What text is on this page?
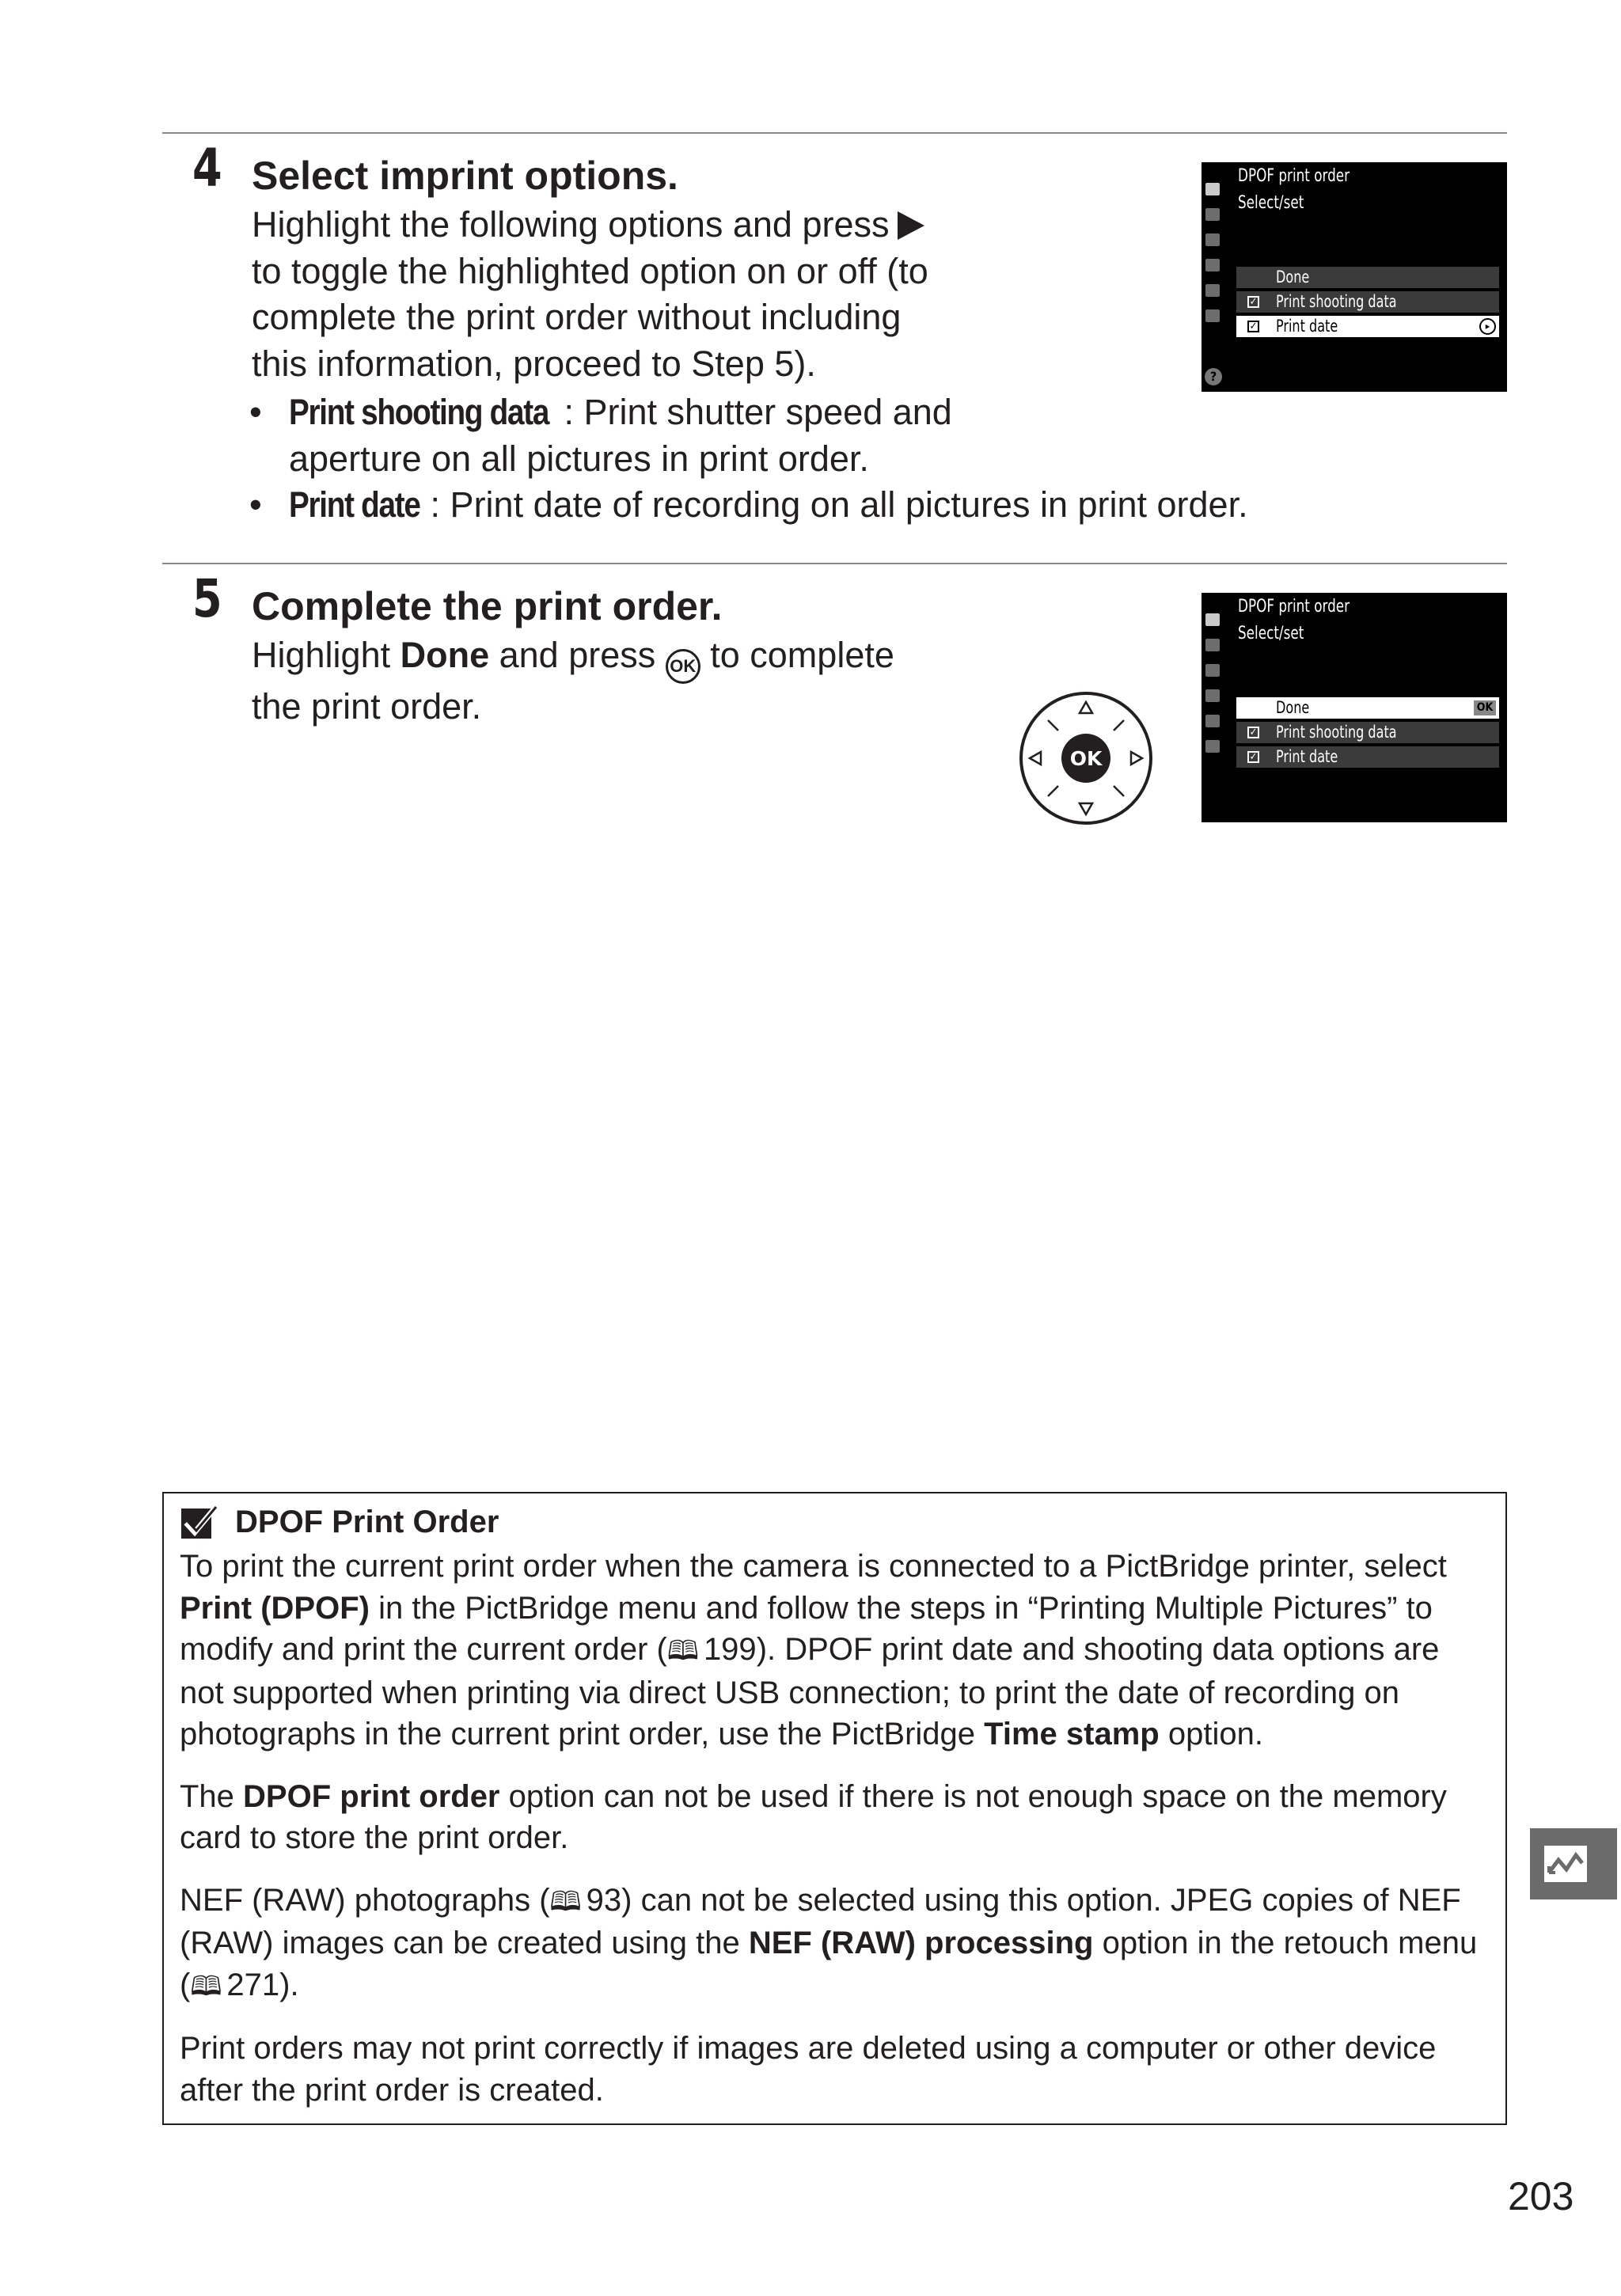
4 Select imprint options.

Highlight the following options and press

to toggle the highlighted option on or off (to

complete the print order without including

this information, proceed to Step 5).

• Print shooting data : Print shutter speed and

aperture on all pictures in print order.

• Print date : Print date of recording on all pictures in print order.

?
DPOF print order
Select/set
Done
✓ Print shooting data
✓ Print date	▸
5 Complete the print order.

Highlight Done and press OK to complete

the print order.

OK
DPOF print order
Select/set
Done	OK
✓ Print shooting data
✓ Print date
DPOF Print Order

To print the current print order when the camera is connected to a PictBridge printer, select

Print (DPOF) in the PictBridge menu and follow the steps in “Printing Multiple Pictures” to

modify and print the current order (🕮 199). DPOF print date and shooting data options are

not supported when printing via direct USB connection; to print the date of recording on

photographs in the current print order, use the PictBridge Time stamp option.

The DPOF print order option can not be used if there is not enough space on the memory

card to store the print order.

NEF (RAW) photographs (🕮 93) can not be selected using this option. JPEG copies of NEF

(RAW) images can be created using the NEF (RAW) processing option in the retouch menu

(🕮 271).

Print orders may not print correctly if images are deleted using a computer or other device

after the print order is created.

203
